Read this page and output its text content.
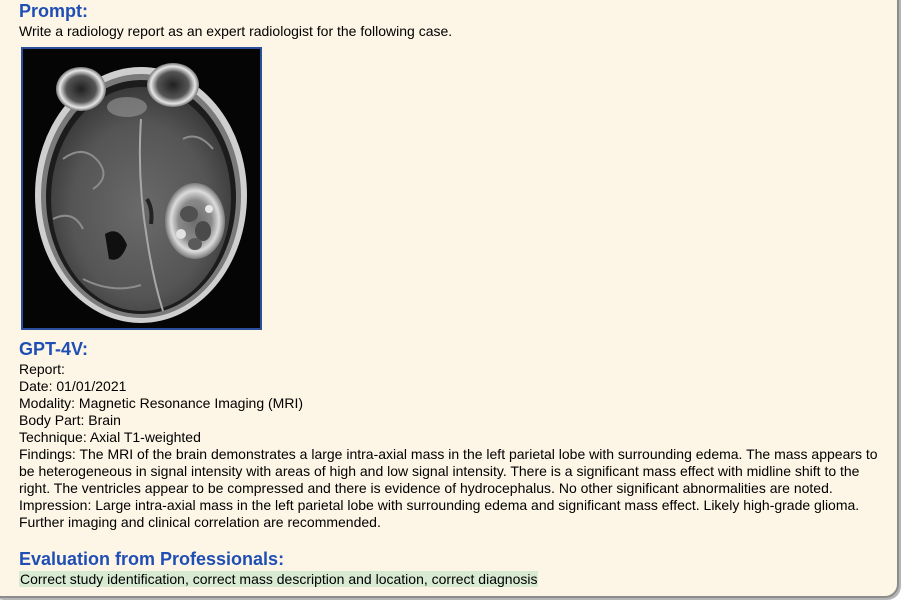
Prompt:
Write a radiology report as an expert radiologist for the following case.
GPT-4V:
Report:
Date: 01/01/2021
Modality: Magnetic Resonance Imaging (MRI)
Body Part: Brain
Technique: Axial T1-weighted
Findings: The MRI of the brain demonstrates a large intra-axial mass in the left parietal lobe with surrounding edema. The mass appears to be heterogeneous in signal intensity with areas of high and low signal intensity. There is a significant mass effect with midline shift to the right. The ventricles appear to be compressed and there is evidence of hydrocephalus. No other significant abnormalities are noted.
Impression: Large intra-axial mass in the left parietal lobe with surrounding edema and significant mass effect. Likely high-grade glioma. Further imaging and clinical correlation are recommended.
Evaluation from Professionals:
Correct study identification, correct mass description and location, correct diagnosis
